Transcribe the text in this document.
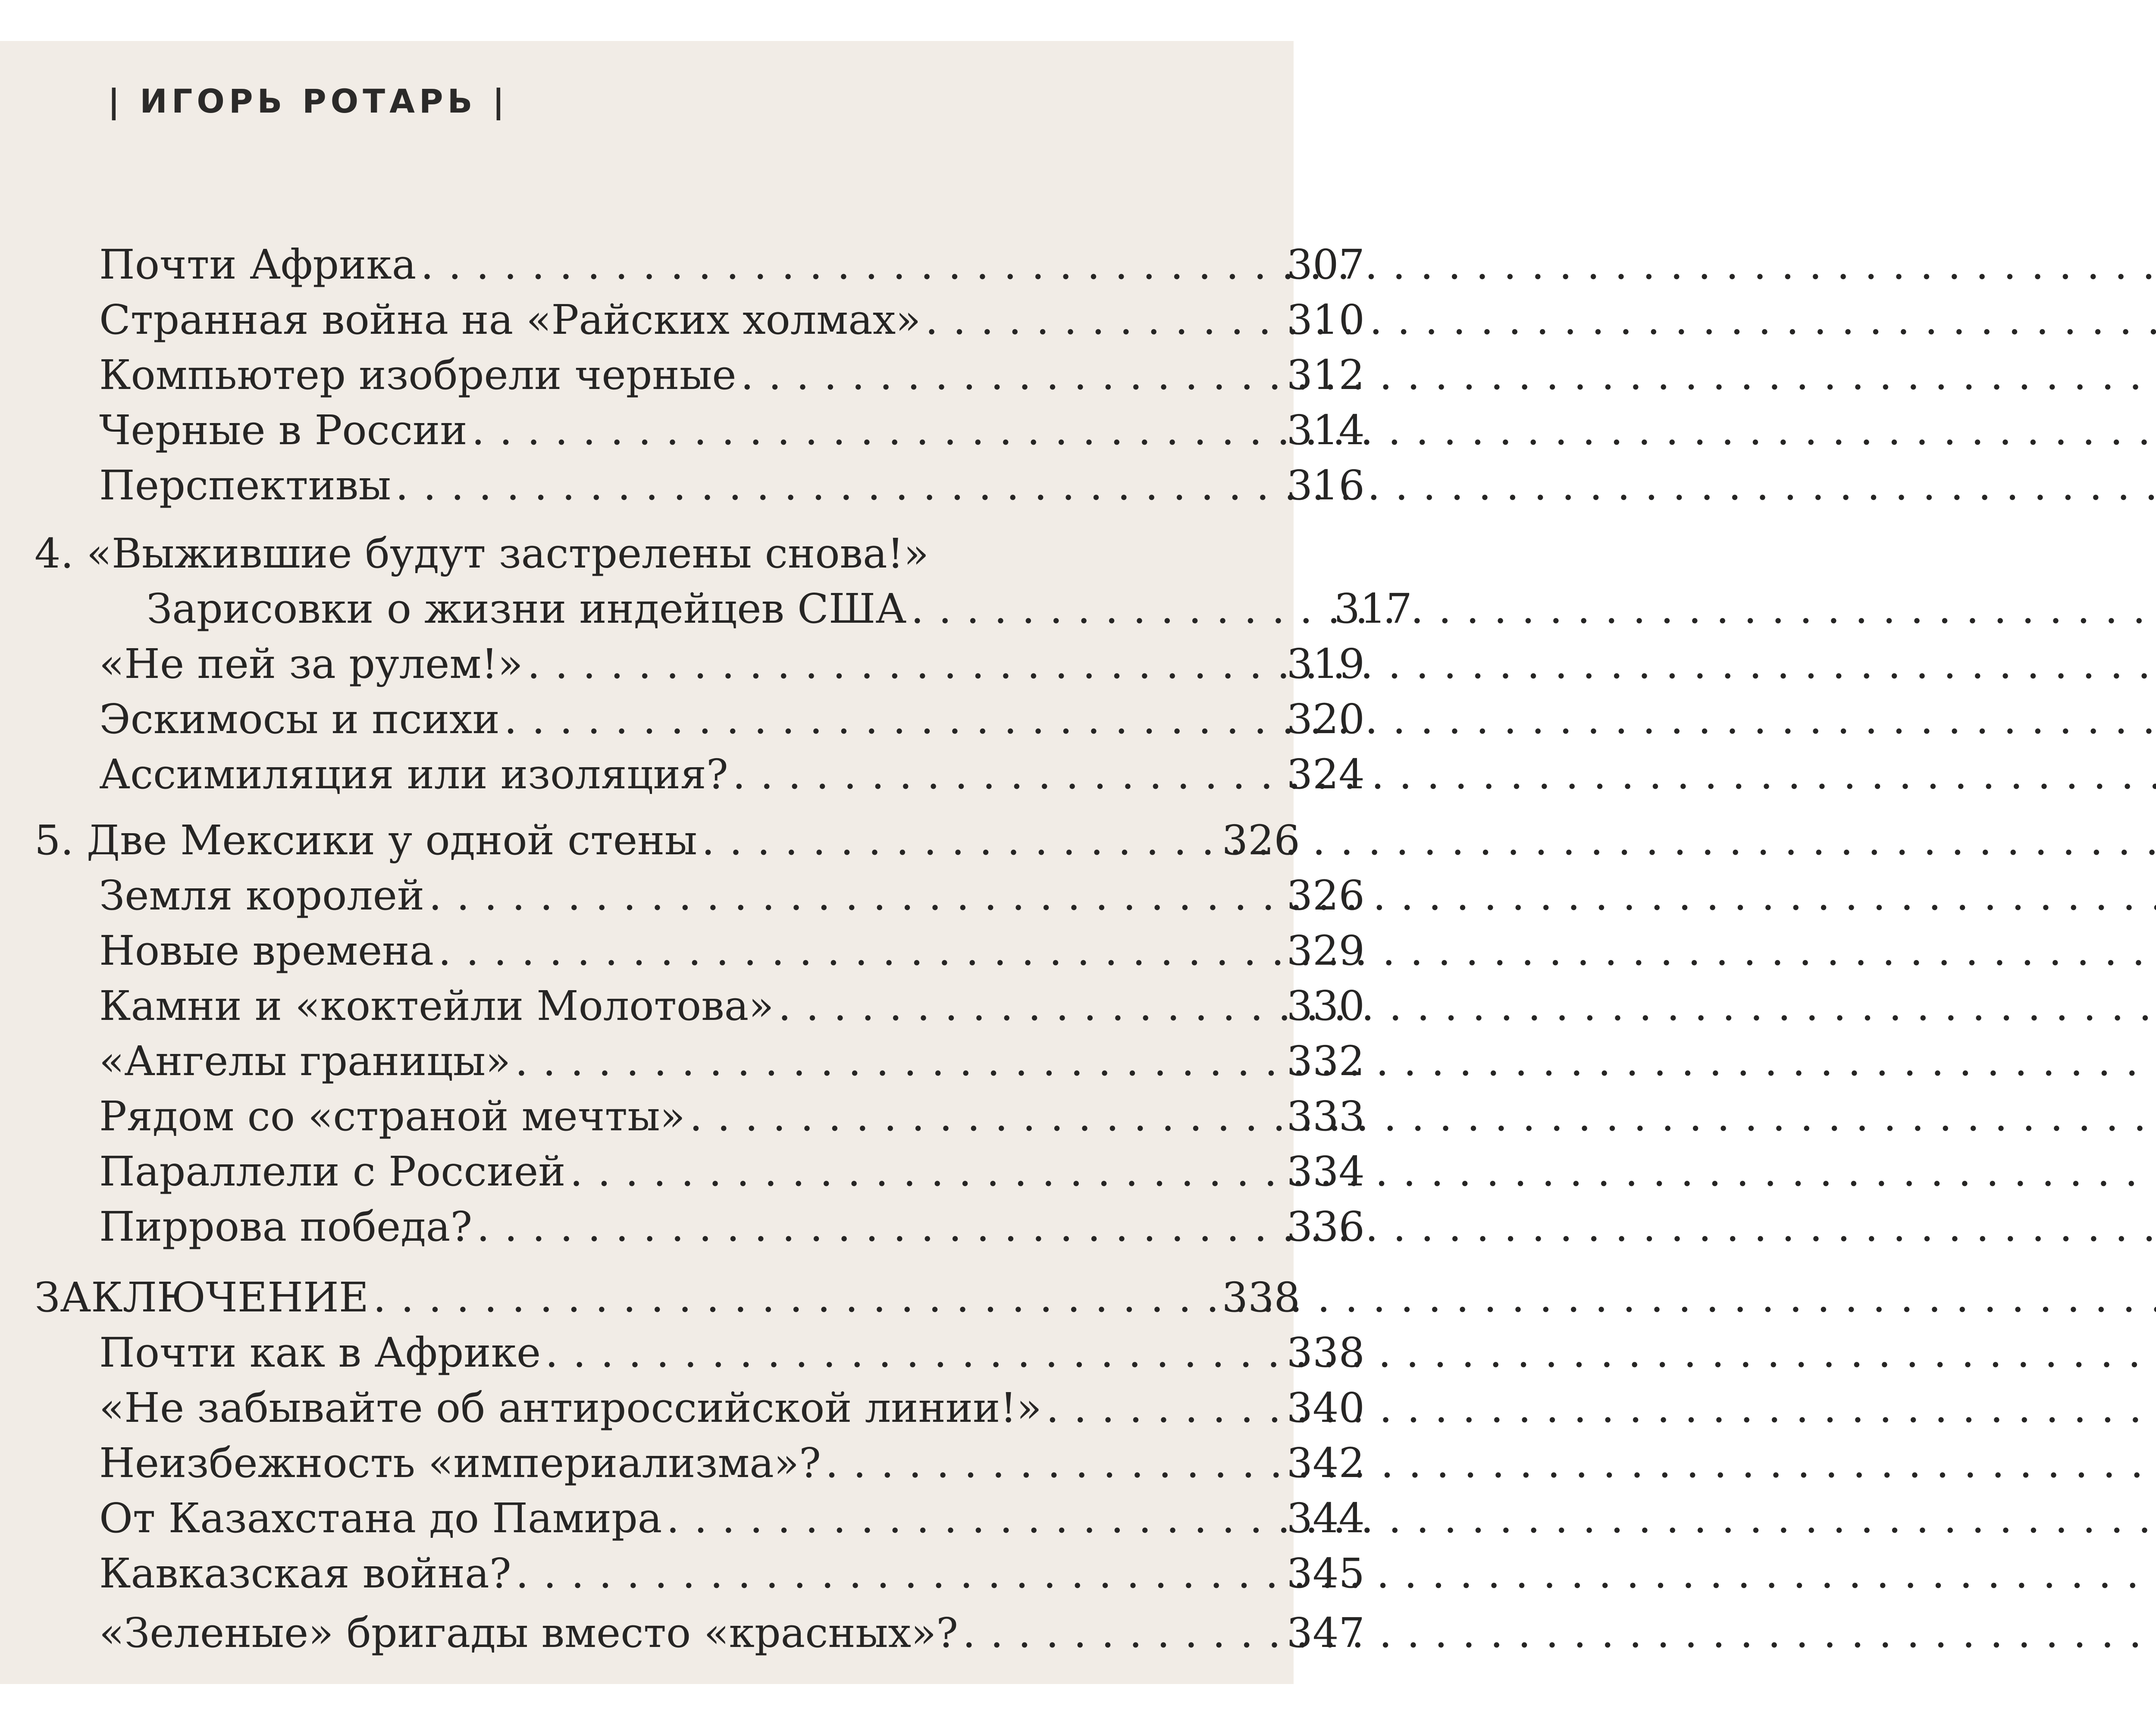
| ИГОРЬ РОТАРЬ |
Почти Африка . . .	307
Странная война на «Райских холмах» . . .	310
Компьютер изобрели черные . . .	312
Черные в России . . .	314
Перспективы . . .	316
4. «Выжившие будут застрелены снова!»
Зарисовки о жизни индейцев США . . .	317
«Не пей за рулем!» . . .	319
Эскимосы и психи . . .	320
Ассимиляция или изоляция? . . .	324
5. Две Мексики у одной стены . . .	326
Земля королей . . .	326
Новые времена . . .	329
Камни и «коктейли Молотова» . . .	330
«Ангелы границы» . . .	332
Рядом со «страной мечты» . . .	333
Параллели с Россией . . .	334
Пиррова победа? . . .	336
ЗАКЛЮЧЕНИЕ . . .	338
Почти как в Африке . . .	338
«Не забывайте об антироссийской линии!» . . .	340
Неизбежность «империализма»? . . .	342
От Казахстана до Памира . . .	344
Кавказская война? . . .	345
«Зеленые» бригады вместо «красных»? . . .	347
